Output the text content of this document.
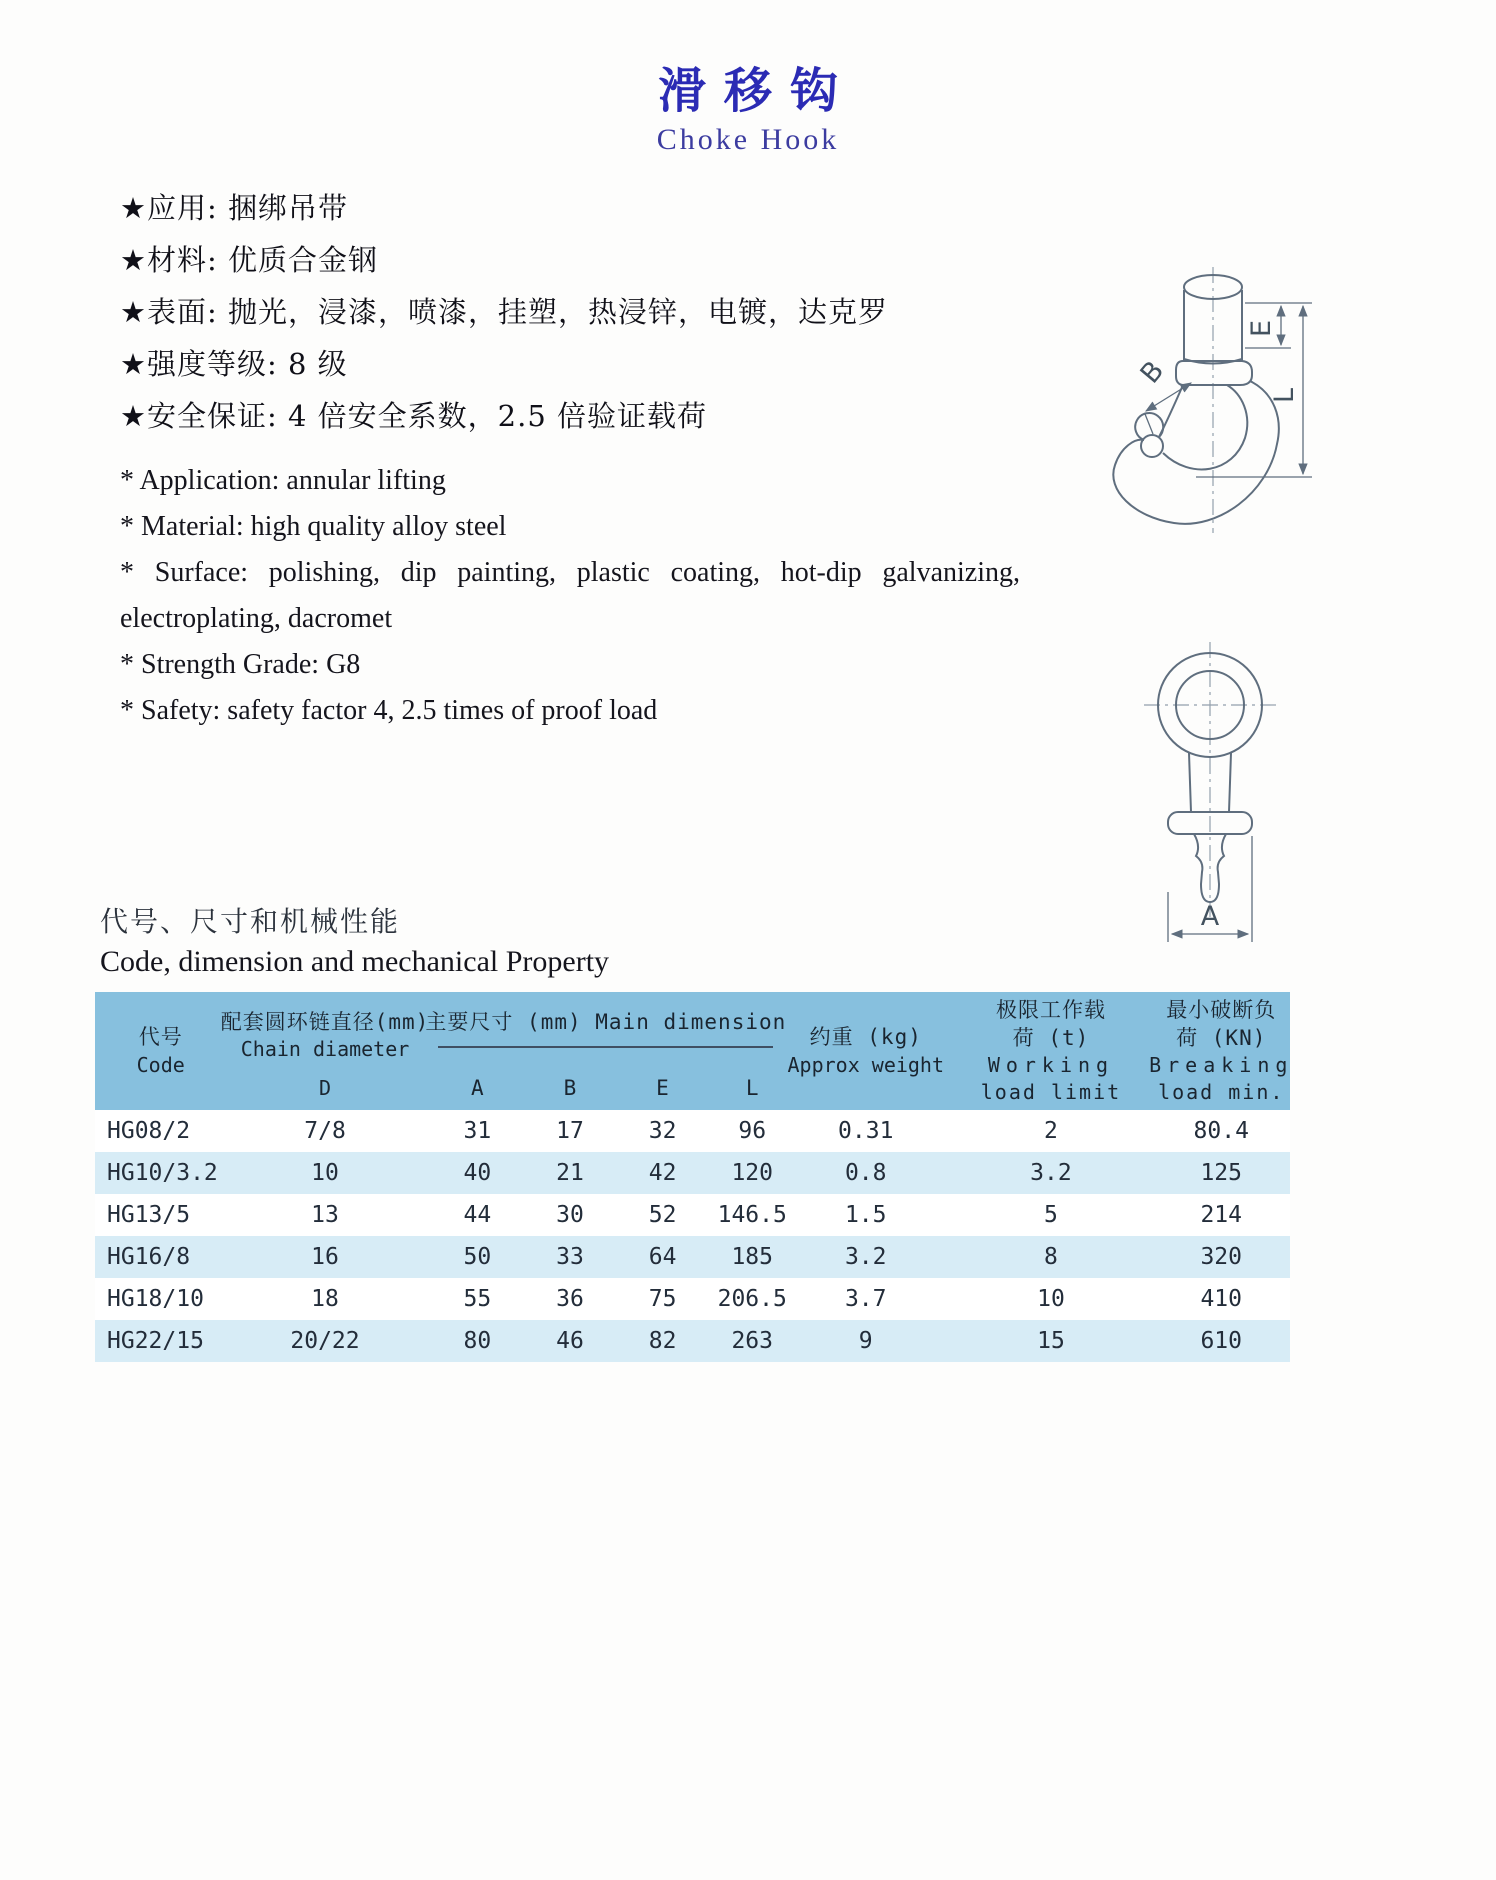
滑移钩
Choke Hook
★应用: 捆绑吊带
★材料: 优质合金钢
★表面: 抛光，浸漆，喷漆，挂塑，热浸锌，电镀，达克罗
★强度等级: 8 级
★安全保证: 4 倍安全系数，2.5 倍验证载荷
* Application: annular lifting
* Material: high quality alloy steel
* Surface: polishing, dip painting, plastic coating, hot-dip galvanizing, electroplating, dacromet
* Strength Grade: G8
* Safety: safety factor 4, 2.5 times of proof load
E
L
B
A
代号、尺寸和机械性能
Code, dimension and mechanical Property
代号
Code
配套圆环链直径(mm)
Chain diameter
D
主要尺寸 (mm) Main dimension
A	B	E	L
约重 (kg)
Approx weight
极限工作载
荷 (t)
Working
load limit
最小破断负
荷 (KN)
Breaking
load min.
HG08/2	7/8	31	17	32	96	0.31	2	80.4
HG10/3.2	10	40	21	42	120	0.8	3.2	125
HG13/5	13	44	30	52	146.5	1.5	5	214
HG16/8	16	50	33	64	185	3.2	8	320
HG18/10	18	55	36	75	206.5	3.7	10	410
HG22/15	20/22	80	46	82	263	9	15	610
